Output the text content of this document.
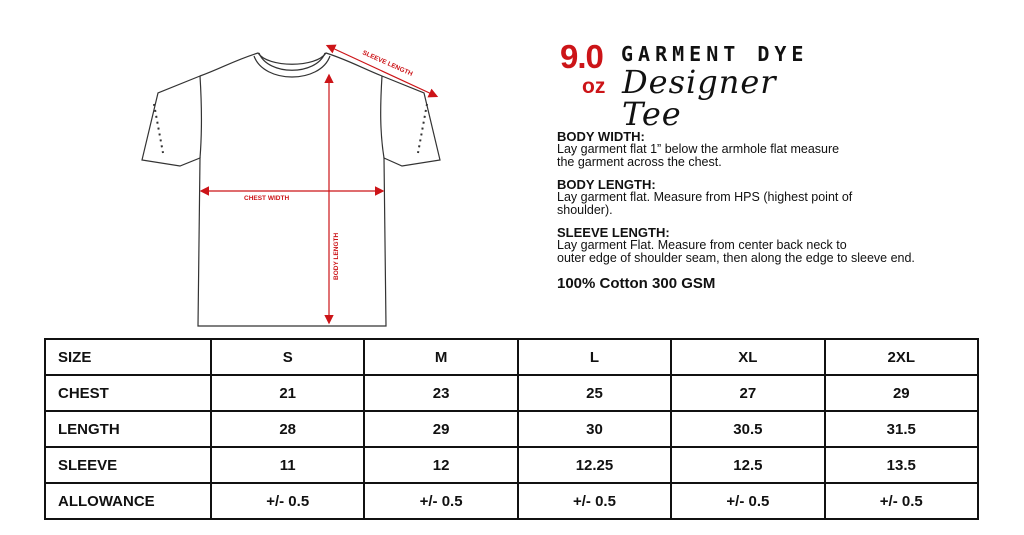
SLEEVE LENGTH
CHEST WIDTH
BODY LENGTH
9.0
oz
GARMENT DYE
Designer Tee
BODY WIDTH:
Lay garment flat 1” below the armhole flat measure
the garment across the chest.
BODY LENGTH:
Lay garment flat. Measure from HPS (highest point of
shoulder).
SLEEVE LENGTH:
Lay garment Flat. Measure from center back neck to
outer edge of shoulder seam, then along the edge to sleeve end.
100% Cotton 300 GSM
SIZE	S	M	L	XL	2XL
CHEST	21	23	25	27	29
LENGTH	28	29	30	30.5	31.5
SLEEVE	11	12	12.25	12.5	13.5
ALLOWANCE	+/- 0.5	+/- 0.5	+/- 0.5	+/- 0.5	+/- 0.5
